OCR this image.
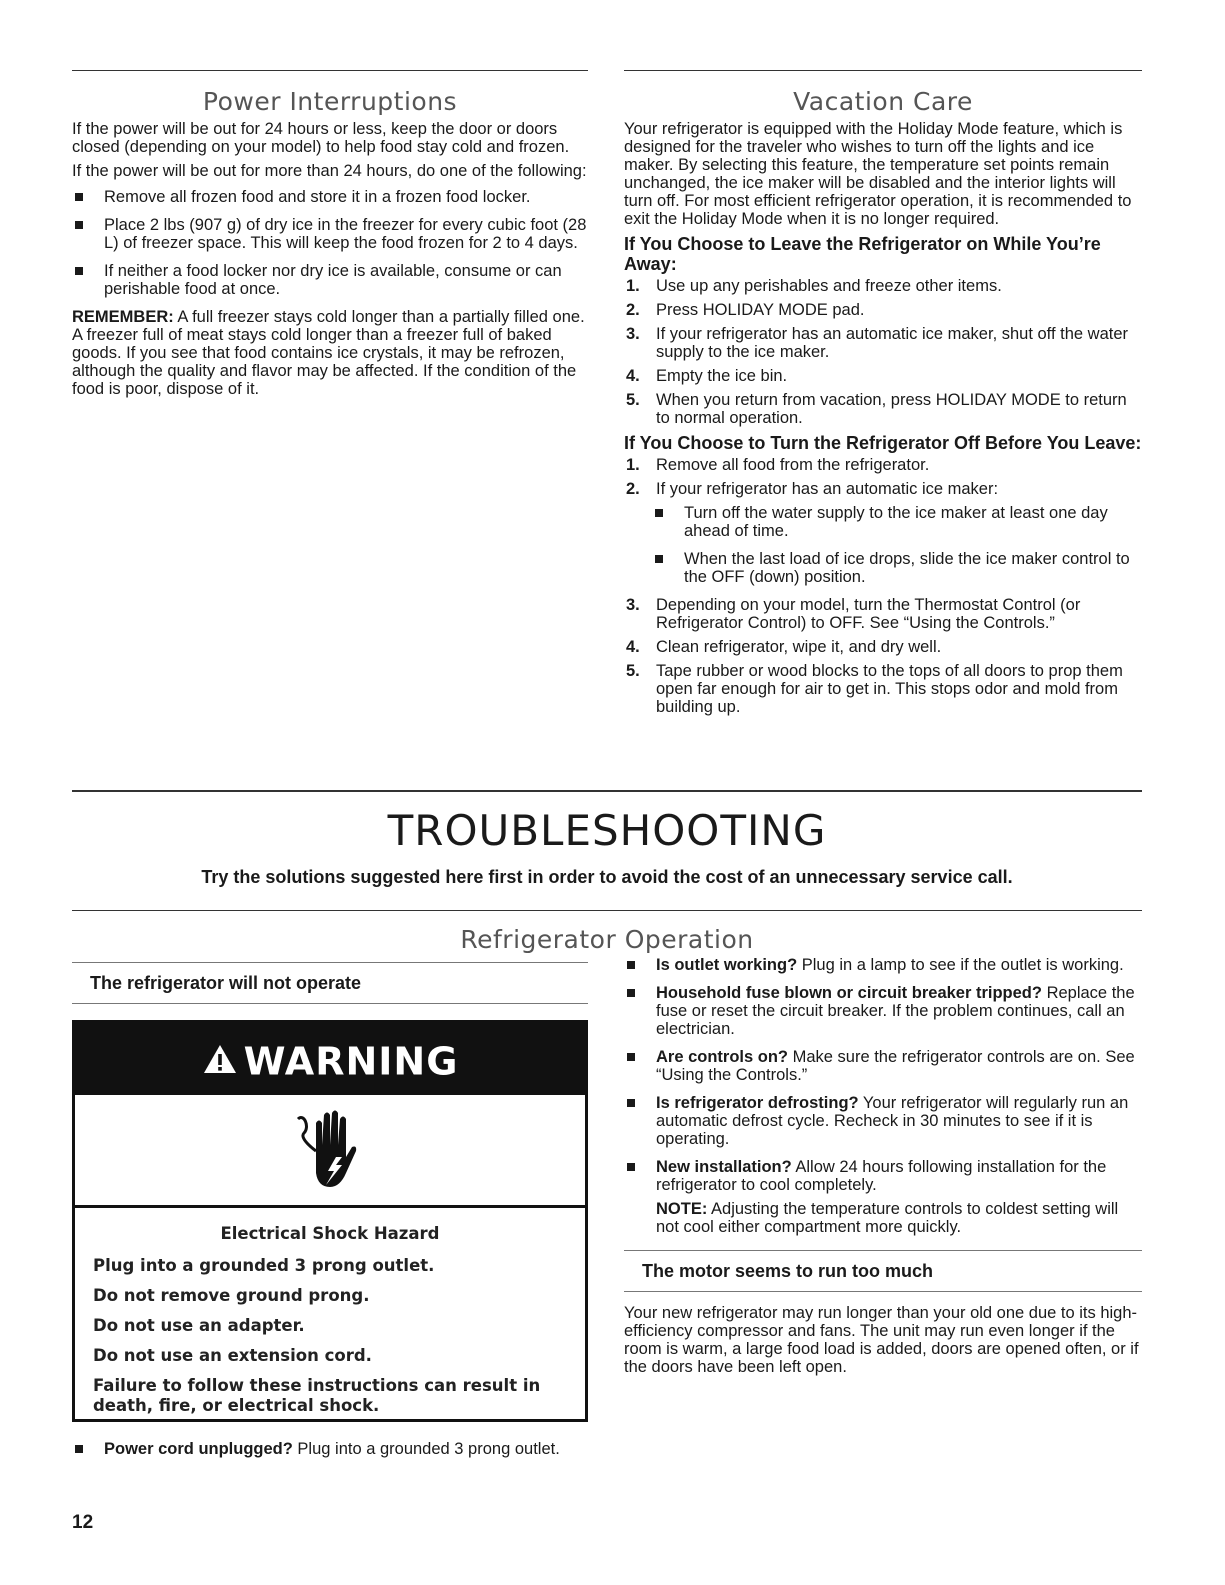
Power Interruptions

If the power will be out for 24 hours or less, keep the door or doors closed (depending on your model) to help food stay cold and frozen.

If the power will be out for more than 24 hours, do one of the following:

Remove all frozen food and store it in a frozen food locker.
Place 2 lbs (907 g) of dry ice in the freezer for every cubic foot (28 L) of freezer space. This will keep the food frozen for 2 to 4 days.
If neither a food locker nor dry ice is available, consume or can perishable food at once.

REMEMBER: A full freezer stays cold longer than a partially filled one. A freezer full of meat stays cold longer than a freezer full of baked goods. If you see that food contains ice crystals, it may be refrozen, although the quality and flavor may be affected. If the condition of the food is poor, dispose of it.

Vacation Care

Your refrigerator is equipped with the Holiday Mode feature, which is designed for the traveler who wishes to turn off the lights and ice maker. By selecting this feature, the temperature set points remain unchanged, the ice maker will be disabled and the interior lights will turn off. For most efficient refrigerator operation, it is recommended to exit the Holiday Mode when it is no longer required.

If You Choose to Leave the Refrigerator on While You’re Away:
1. Use up any perishables and freeze other items.
2. Press HOLIDAY MODE pad.
3. If your refrigerator has an automatic ice maker, shut off the water supply to the ice maker.
4. Empty the ice bin.
5. When you return from vacation, press HOLIDAY MODE to return to normal operation.
If You Choose to Turn the Refrigerator Off Before You Leave:
1. Remove all food from the refrigerator.
2. If your refrigerator has an automatic ice maker:
Turn off the water supply to the ice maker at least one day ahead of time.
When the last load of ice drops, slide the ice maker control to the OFF (down) position.
3. Depending on your model, turn the Thermostat Control (or Refrigerator Control) to OFF. See “Using the Controls.”
4. Clean refrigerator, wipe it, and dry well.
5. Tape rubber or wood blocks to the tops of all doors to prop them open far enough for air to get in. This stops odor and mold from building up.
TROUBLESHOOTING
Try the solutions suggested here first in order to avoid the cost of an unnecessary service call.
Refrigerator Operation
The refrigerator will not operate
WARNING
Electrical Shock Hazard
Plug into a grounded 3 prong outlet.
Do not remove ground prong.
Do not use an adapter.
Do not use an extension cord.
Failure to follow these instructions can result in death, fire, or electrical shock.
Power cord unplugged? Plug into a grounded 3 prong outlet.
Is outlet working? Plug in a lamp to see if the outlet is working.
Household fuse blown or circuit breaker tripped? Replace the fuse or reset the circuit breaker. If the problem continues, call an electrician.
Are controls on? Make sure the refrigerator controls are on. See “Using the Controls.”
Is refrigerator defrosting? Your refrigerator will regularly run an automatic defrost cycle. Recheck in 30 minutes to see if it is operating.
New installation? Allow 24 hours following installation for the refrigerator to cool completely.

NOTE: Adjusting the temperature controls to coldest setting will not cool either compartment more quickly.

The motor seems to run too much

Your new refrigerator may run longer than your old one due to its high-efficiency compressor and fans. The unit may run even longer if the room is warm, a large food load is added, doors are opened often, or if the doors have been left open.

12
